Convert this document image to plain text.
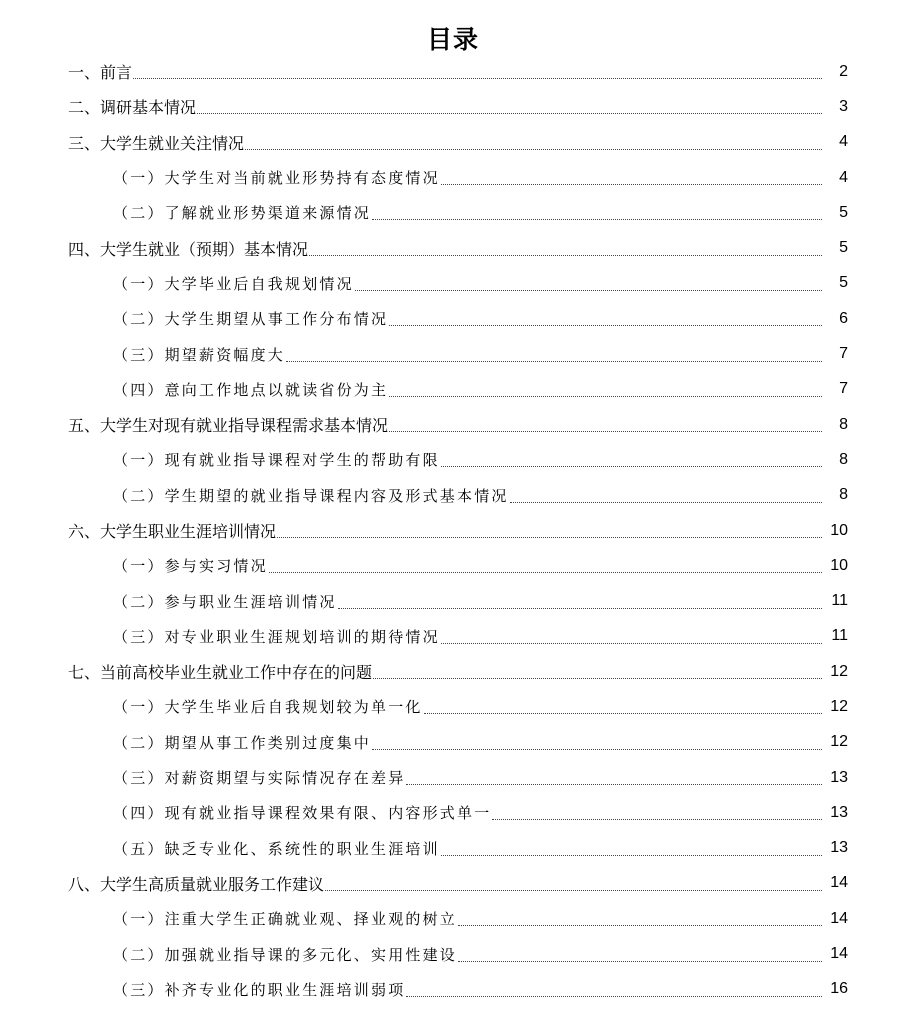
目录
一、前言	2
二、调研基本情况	3
三、大学生就业关注情况	4
（一）大学生对当前就业形势持有态度情况	4
（二）了解就业形势渠道来源情况	5
四、大学生就业（预期）基本情况	5
（一）大学毕业后自我规划情况	5
（二）大学生期望从事工作分布情况	6
（三）期望薪资幅度大	7
（四）意向工作地点以就读省份为主	7
五、大学生对现有就业指导课程需求基本情况	8
（一）现有就业指导课程对学生的帮助有限	8
（二）学生期望的就业指导课程内容及形式基本情况	8
六、大学生职业生涯培训情况	10
（一）参与实习情况	10
（二）参与职业生涯培训情况	11
（三）对专业职业生涯规划培训的期待情况	11
七、当前高校毕业生就业工作中存在的问题	12
（一）大学生毕业后自我规划较为单一化	12
（二）期望从事工作类别过度集中	12
（三）对薪资期望与实际情况存在差异	13
（四）现有就业指导课程效果有限、内容形式单一	13
（五）缺乏专业化、系统性的职业生涯培训	13
八、大学生高质量就业服务工作建议	14
（一）注重大学生正确就业观、择业观的树立	14
（二）加强就业指导课的多元化、实用性建设	14
（三）补齐专业化的职业生涯培训弱项	16
